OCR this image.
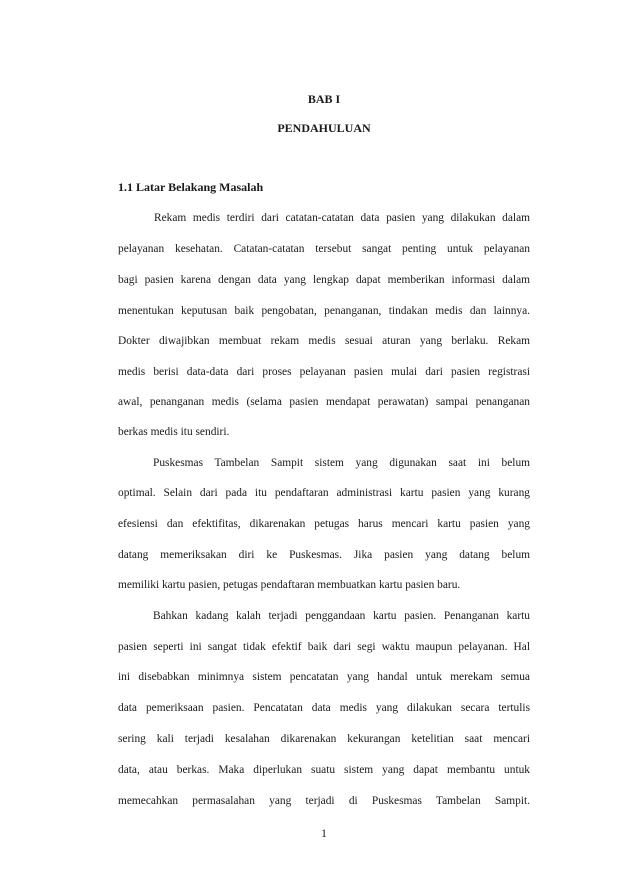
BAB I
PENDAHULUAN
1.1 Latar Belakang Masalah
Rekam medis terdiri dari catatan-catatan data pasien yang dilakukan dalam
pelayanan kesehatan. Catatan-catatan tersebut sangat penting untuk pelayanan
bagi pasien karena dengan data yang lengkap dapat memberikan informasi dalam
menentukan keputusan baik pengobatan, penanganan, tindakan medis dan lainnya.
Dokter diwajibkan membuat rekam medis sesuai aturan yang berlaku. Rekam
medis berisi data-data dari proses pelayanan pasien mulai dari pasien registrasi
awal, penanganan medis (selama pasien mendapat perawatan) sampai penanganan
berkas medis itu sendiri.
Puskesmas Tambelan Sampit sistem yang digunakan saat ini belum
optimal. Selain dari pada itu pendaftaran administrasi kartu pasien yang kurang
efesiensi dan efektifitas, dikarenakan petugas harus mencari kartu pasien yang
datang memeriksakan diri ke Puskesmas. Jika pasien yang datang belum
memiliki kartu pasien, petugas pendaftaran membuatkan kartu pasien baru.
Bahkan kadang kalah terjadi penggandaan kartu pasien. Penanganan kartu
pasien seperti ini sangat tidak efektif baik dari segi waktu maupun pelayanan. Hal
ini disebabkan minimnya sistem pencatatan yang handal untuk merekam semua
data pemeriksaan pasien. Pencatatan data medis yang dilakukan secara tertulis
sering kali terjadi kesalahan dikarenakan kekurangan ketelitian saat mencari
data, atau berkas. Maka diperlukan suatu sistem yang dapat membantu untuk
memecahkan permasalahan yang terjadi di Puskesmas Tambelan Sampit.
1
